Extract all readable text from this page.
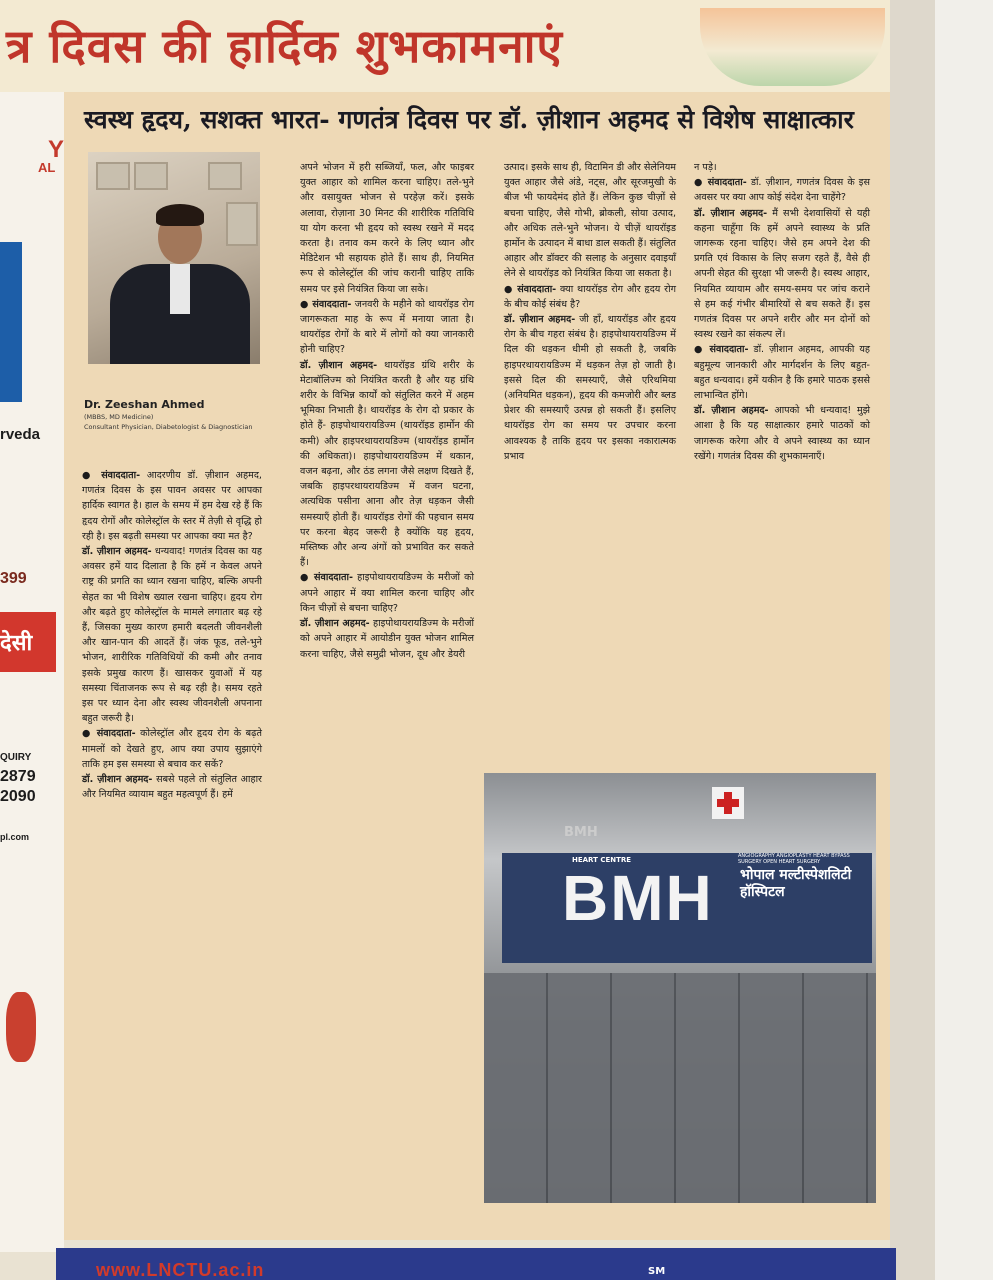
त्र दिवस की हार्दिक शुभकामनाएं
Y
AL
rveda
399
देसी
QUIRY
2879
2090
pl.com
स्वस्थ हृदय, सशक्त भारत- गणतंत्र दिवस पर डॉ. ज़ीशान अहमद से विशेष साक्षात्कार
Dr. Zeeshan Ahmed
(MBBS, MD Medicine)
Consultant Physician, Diabetologist & Diagnostician

● संवाददाता- आदरणीय डॉ. ज़ीशान अहमद, गणतंत्र दिवस के इस पावन अवसर पर आपका हार्दिक स्वागत है। हाल के समय में हम देख रहे हैं कि हृदय रोगों और कोलेस्ट्रॉल के स्तर में तेज़ी से वृद्धि हो रही है। इस बढ़ती समस्या पर आपका क्या मत है?

डॉ. ज़ीशान अहमद- धन्यवाद! गणतंत्र दिवस का यह अवसर हमें याद दिलाता है कि हमें न केवल अपने राष्ट्र की प्रगति का ध्यान रखना चाहिए, बल्कि अपनी सेहत का भी विशेष ख्याल रखना चाहिए। हृदय रोग और बढ़ते हुए कोलेस्ट्रॉल के मामले लगातार बढ़ रहे हैं, जिसका मुख्य कारण हमारी बदलती जीवनशैली और खान-पान की आदतें हैं। जंक फूड, तले-भुने भोजन, शारीरिक गतिविधियों की कमी और तनाव इसके प्रमुख कारण हैं। खासकर युवाओं में यह समस्या चिंताजनक रूप से बढ़ रही है। समय रहते इस पर ध्यान देना और स्वस्थ जीवनशैली अपनाना बहुत जरूरी है।

● संवाददाता- कोलेस्ट्रॉल और हृदय रोग के बढ़ते मामलों को देखते हुए, आप क्या उपाय सुझाएंगे ताकि हम इस समस्या से बचाव कर सकें?

डॉ. ज़ीशान अहमद- सबसे पहले तो संतुलित आहार और नियमित व्यायाम बहुत महत्वपूर्ण हैं। हमें

अपने भोजन में हरी सब्जियाँ, फल, और फाइबर युक्त आहार को शामिल करना चाहिए। तले-भुने और वसायुक्त भोजन से परहेज़ करें। इसके अलावा, रोज़ाना 30 मिनट की शारीरिक गतिविधि या योग करना भी हृदय को स्वस्थ रखने में मदद करता है। तनाव कम करने के लिए ध्यान और मेडिटेशन भी सहायक होते हैं। साथ ही, नियमित रूप से कोलेस्ट्रॉल की जांच करानी चाहिए ताकि समय पर इसे नियंत्रित किया जा सके।

● संवाददाता- जनवरी के महीने को थायरॉइड रोग जागरूकता माह के रूप में मनाया जाता है। थायरॉइड रोगों के बारे में लोगों को क्या जानकारी होनी चाहिए?

डॉ. ज़ीशान अहमद- थायरॉइड ग्रंथि शरीर के मेटाबॉलिज्म को नियंत्रित करती है और यह ग्रंथि शरीर के विभिन्न कार्यों को संतुलित करने में अहम भूमिका निभाती है। थायरॉइड के रोग दो प्रकार के होते हैं- हाइपोथायरायडिज्म (थायरॉइड हार्मोन की कमी) और हाइपरथायरायडिज्म (थायरॉइड हार्मोन की अधिकता)। हाइपोथायरायडिज्म में थकान, वजन बढ़ना, और ठंड लगना जैसे लक्षण दिखते हैं, जबकि हाइपरथायरायडिज्म में वजन घटना, अत्यधिक पसीना आना और तेज़ धड़कन जैसी समस्याएँ होती हैं। थायरॉइड रोगों की पहचान समय पर करना बेहद जरूरी है क्योंकि यह हृदय, मस्तिष्क और अन्य अंगों को प्रभावित कर सकते हैं।

● संवाददाता- हाइपोथायरायडिज्म के मरीजों को अपने आहार में क्या शामिल करना चाहिए और किन चीज़ों से बचना चाहिए?

डॉ. ज़ीशान अहमद- हाइपोथायरायडिज्म के मरीजों को अपने आहार में आयोडीन युक्त भोजन शामिल करना चाहिए, जैसे समुद्री भोजन, दूध और डेयरी

उत्पाद। इसके साथ ही, विटामिन डी और सेलेनियम युक्त आहार जैसे अंडे, नट्स, और सूरजमुखी के बीज भी फायदेमंद होते हैं। लेकिन कुछ चीज़ों से बचना चाहिए, जैसे गोभी, ब्रोकली, सोया उत्पाद, और अधिक तले-भुने भोजन। ये चीज़ें थायरॉइड हार्मोन के उत्पादन में बाधा डाल सकती हैं। संतुलित आहार और डॉक्टर की सलाह के अनुसार दवाइयाँ लेने से थायरॉइड को नियंत्रित किया जा सकता है।

● संवाददाता- क्या थायरॉइड रोग और हृदय रोग के बीच कोई संबंध है?

डॉ. ज़ीशान अहमद- जी हाँ, थायरॉइड और हृदय रोग के बीच गहरा संबंध है। हाइपोथायरायडिज्म में दिल की धड़कन धीमी हो सकती है, जबकि हाइपरथायरायडिज्म में धड़कन तेज़ हो जाती है। इससे दिल की समस्याएँ, जैसे एरिथमिया (अनियमित धड़कन), हृदय की कमजोरी और ब्लड प्रेशर की समस्याएँ उत्पन्न हो सकती हैं। इसलिए थायरॉइड रोग का समय पर उपचार करना आवश्यक है ताकि हृदय पर इसका नकारात्मक प्रभाव

न पड़े।

● संवाददाता- डॉ. ज़ीशान, गणतंत्र दिवस के इस अवसर पर क्या आप कोई संदेश देना चाहेंगे?

डॉ. ज़ीशान अहमद- मैं सभी देशवासियों से यही कहना चाहूँगा कि हमें अपने स्वास्थ्य के प्रति जागरूक रहना चाहिए। जैसे हम अपने देश की प्रगति एवं विकास के लिए सजग रहते हैं, वैसे ही अपनी सेहत की सुरक्षा भी जरूरी है। स्वस्थ आहार, नियमित व्यायाम और समय-समय पर जांच कराने से हम कई गंभीर बीमारियों से बच सकते हैं। इस गणतंत्र दिवस पर अपने शरीर और मन दोनों को स्वस्थ रखने का संकल्प लें।

● संवाददाता- डॉ. ज़ीशान अहमद, आपकी यह बहुमूल्य जानकारी और मार्गदर्शन के लिए बहुत-बहुत धन्यवाद। हमें यकीन है कि हमारे पाठक इससे लाभान्वित होंगे।

डॉ. ज़ीशान अहमद- आपको भी धन्यवाद! मुझे आशा है कि यह साक्षात्कार हमारे पाठकों को जागरूक करेगा और वे अपने स्वास्थ्य का ध्यान रखेंगे। गणतंत्र दिवस की शुभकामनाएँ।

BMH
HEART CENTRE	ANGIOGRAPHY ANGIOPLASTY HEART BYPASS SURGERY OPEN HEART SURGERY
BMH भोपाल मल्टीस्पेशलिटी हॉस्पिटल
www.LNCTU.ac.in	SM
